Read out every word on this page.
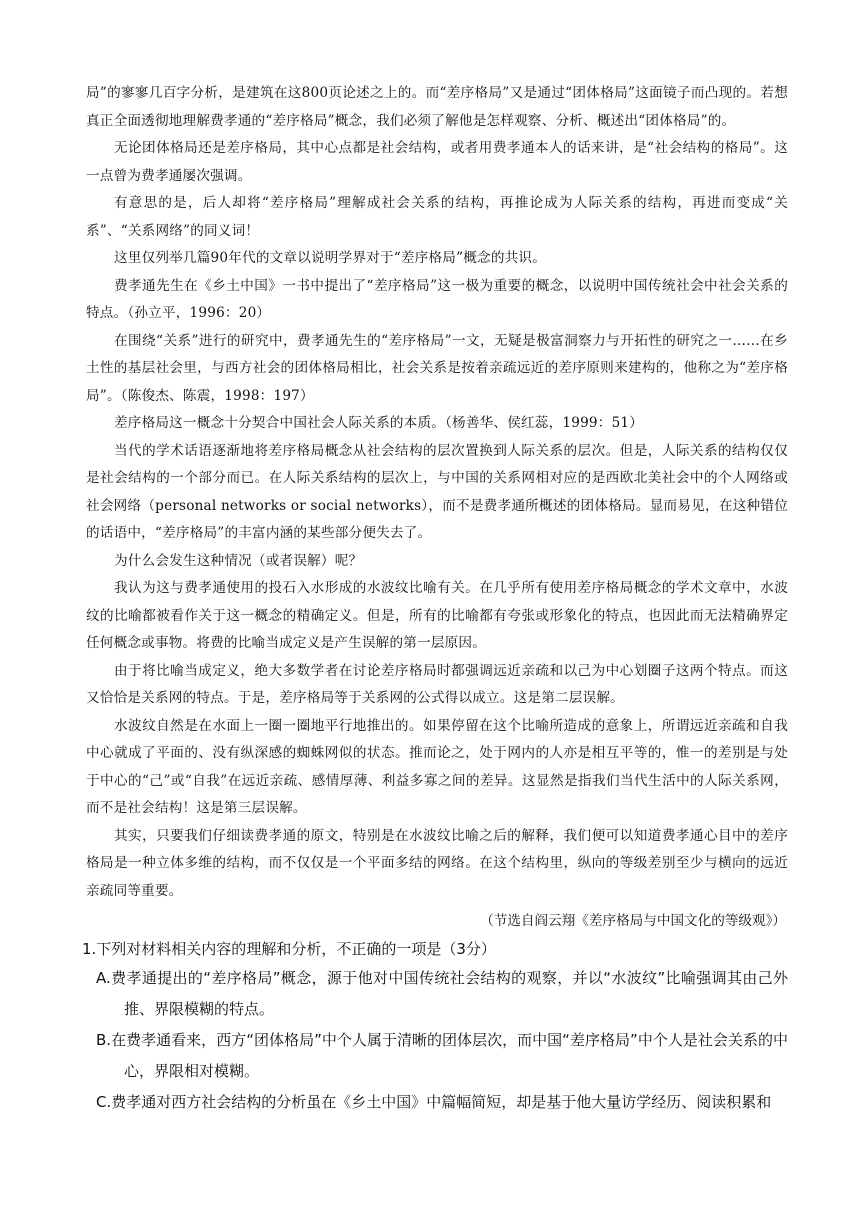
局”的寥寥几百字分析，是建筑在这800页论述之上的。而“差序格局”又是通过“团体格局”这面镜子而凸现的。若想真正全面透彻地理解费孝通的“差序格局”概念，我们必须了解他是怎样观察、分析、概述出“团体格局”的。

无论团体格局还是差序格局，其中心点都是社会结构，或者用费孝通本人的话来讲，是“社会结构的格局”。这一点曾为费孝通屡次强调。

有意思的是，后人却将“差序格局”理解成社会关系的结构，再推论成为人际关系的结构，再进而变成“关系”、“关系网络”的同义词！

这里仅列举几篇90年代的文章以说明学界对于“差序格局”概念的共识。

费孝通先生在《乡土中国》一书中提出了“差序格局”这一极为重要的概念，以说明中国传统社会中社会关系的特点。（孙立平，1996：20）

在围绕“关系”进行的研究中，费孝通先生的“差序格局”一文，无疑是极富洞察力与开拓性的研究之一……在乡土性的基层社会里，与西方社会的团体格局相比，社会关系是按着亲疏远近的差序原则来建构的，他称之为“差序格局”。（陈俊杰、陈震，1998：197）

差序格局这一概念十分契合中国社会人际关系的本质。（杨善华、侯红蕊，1999：51）

当代的学术话语逐渐地将差序格局概念从社会结构的层次置换到人际关系的层次。但是，人际关系的结构仅仅是社会结构的一个部分而已。在人际关系结构的层次上，与中国的关系网相对应的是西欧北美社会中的个人网络或社会网络（personal networks or social networks），而不是费孝通所概述的团体格局。显而易见，在这种错位的话语中，“差序格局”的丰富内涵的某些部分便失去了。

为什么会发生这种情况（或者误解）呢？

我认为这与费孝通使用的投石入水形成的水波纹比喻有关。在几乎所有使用差序格局概念的学术文章中，水波纹的比喻都被看作关于这一概念的精确定义。但是，所有的比喻都有夸张或形象化的特点，也因此而无法精确界定任何概念或事物。将费的比喻当成定义是产生误解的第一层原因。

由于将比喻当成定义，绝大多数学者在讨论差序格局时都强调远近亲疏和以己为中心划圈子这两个特点。而这又恰恰是关系网的特点。于是，差序格局等于关系网的公式得以成立。这是第二层误解。

水波纹自然是在水面上一圈一圈地平行地推出的。如果停留在这个比喻所造成的意象上，所谓远近亲疏和自我中心就成了平面的、没有纵深感的蜘蛛网似的状态。推而论之，处于网内的人亦是相互平等的，惟一的差别是与处于中心的“己”或“自我”在远近亲疏、感情厚薄、利益多寡之间的差异。这显然是指我们当代生活中的人际关系网，而不是社会结构！这是第三层误解。

其实，只要我们仔细读费孝通的原文，特别是在水波纹比喻之后的解释，我们便可以知道费孝通心目中的差序格局是一种立体多维的结构，而不仅仅是一个平面多结的网络。在这个结构里，纵向的等级差别至少与横向的远近亲疏同等重要。

（节选自阎云翔《差序格局与中国文化的等级观》）

1.下列对材料相关内容的理解和分析，不正确的一项是（3分）

A.费孝通提出的“差序格局”概念，源于他对中国传统社会结构的观察，并以“水波纹”比喻强调其由己外推、界限模糊的特点。

B.在费孝通看来，西方“团体格局”中个人属于清晰的团体层次，而中国“差序格局”中个人是社会关系的中心，界限相对模糊。

C.费孝通对西方社会结构的分析虽在《乡土中国》中篇幅简短，却是基于他大量访学经历、阅读积累和
